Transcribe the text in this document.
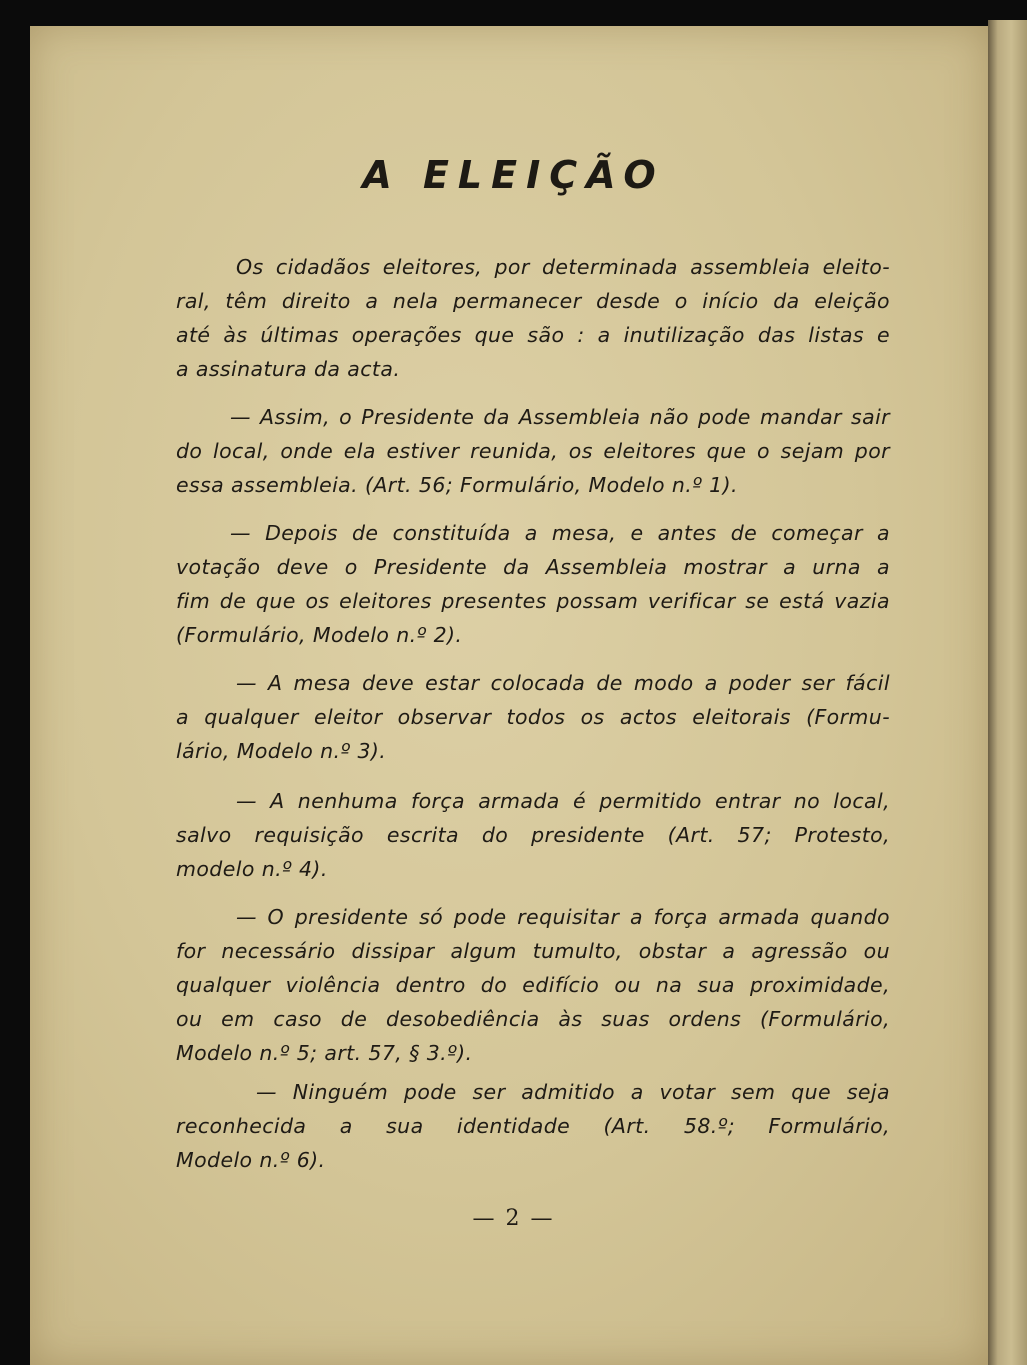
A ELEIÇÃO
Os cidadãos eleitores, por determinada assembleia eleito-
ral, têm direito a nela permanecer desde o início da eleição
até às últimas operações que são : a inutilização das listas e
a assinatura da acta.
— Assim, o Presidente da Assembleia não pode mandar sair
do local, onde ela estiver reunida, os eleitores que o sejam por
essa assembleia. (Art. 56; Formulário, Modelo n.º 1).
— Depois de constituída a mesa, e antes de começar a
votação deve o Presidente da Assembleia mostrar a urna a
fim de que os eleitores presentes possam verificar se está vazia
(Formulário, Modelo n.º 2).
— A mesa deve estar colocada de modo a poder ser fácil
a qualquer eleitor observar todos os actos eleitorais (Formu-
lário, Modelo n.º 3).
— A nenhuma força armada é permitido entrar no local,
salvo requisição escrita do presidente (Art. 57; Protesto,
modelo n.º 4).
— O presidente só pode requisitar a força armada quando
for necessário dissipar algum tumulto, obstar a agressão ou
qualquer violência dentro do edifício ou na sua proximidade,
ou em caso de desobediência às suas ordens (Formulário,
Modelo n.º 5; art. 57, § 3.º).
— Ninguém pode ser admitido a votar sem que seja
reconhecida a sua identidade (Art. 58.º; Formulário,
Modelo n.º 6).
— 2 —
